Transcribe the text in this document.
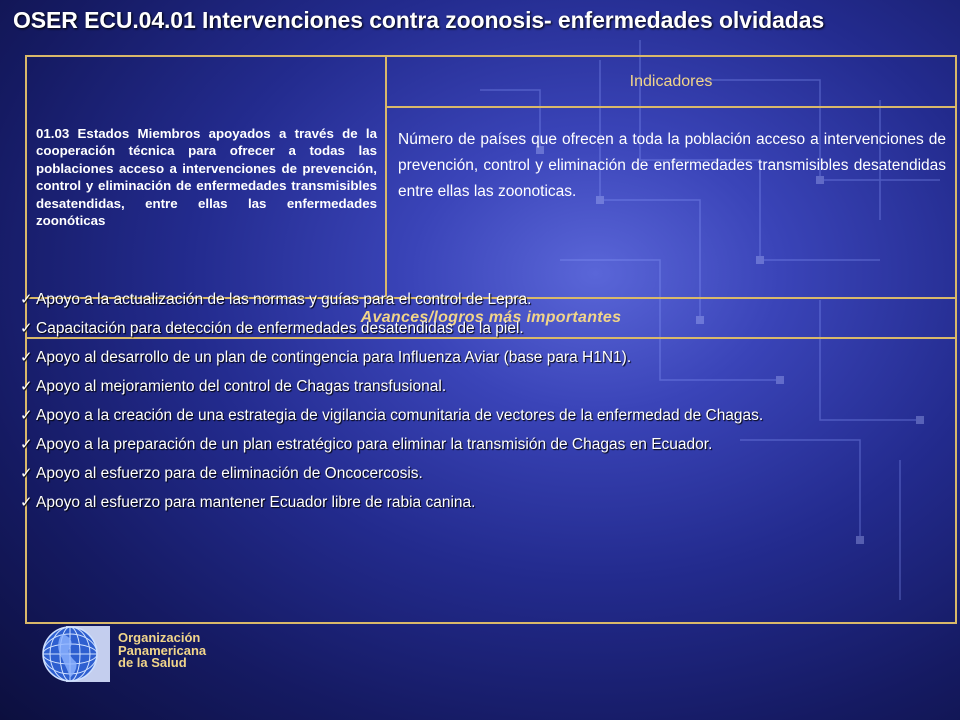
OSER ECU.04.01 Intervenciones contra zoonosis- enfermedades olvidadas

01.03 Estados Miembros apoyados a través de la cooperación técnica para ofrecer a todas las poblaciones acceso a intervenciones de prevención, control y eliminación de enfermedades transmisibles desatendidas, entre ellas las enfermedades zoonóticas

Indicadores
Número de países que ofrecen a toda la población acceso a intervenciones de prevención, control y eliminación de enfermedades transmisibles desatendidas entre ellas las zoonoticas.
Avances/logros más importantes
✓ Apoyo a la actualización de las normas y guías para el control de Lepra.
✓ Capacitación para detección de enfermedades desatendidas de la piel.
✓ Apoyo al desarrollo de un plan de contingencia para Influenza Aviar (base para H1N1).
✓ Apoyo al mejoramiento del control de Chagas transfusional.
✓ Apoyo a la creación de una estrategia de vigilancia comunitaria de vectores de la enfermedad de Chagas.
✓ Apoyo a la preparación de un plan estratégico para eliminar la transmisión de Chagas en Ecuador.
✓ Apoyo al esfuerzo para de eliminación de Oncocercosis.
✓ Apoyo al esfuerzo para mantener Ecuador libre de rabia canina.
Organización
Panamericana
de la Salud
